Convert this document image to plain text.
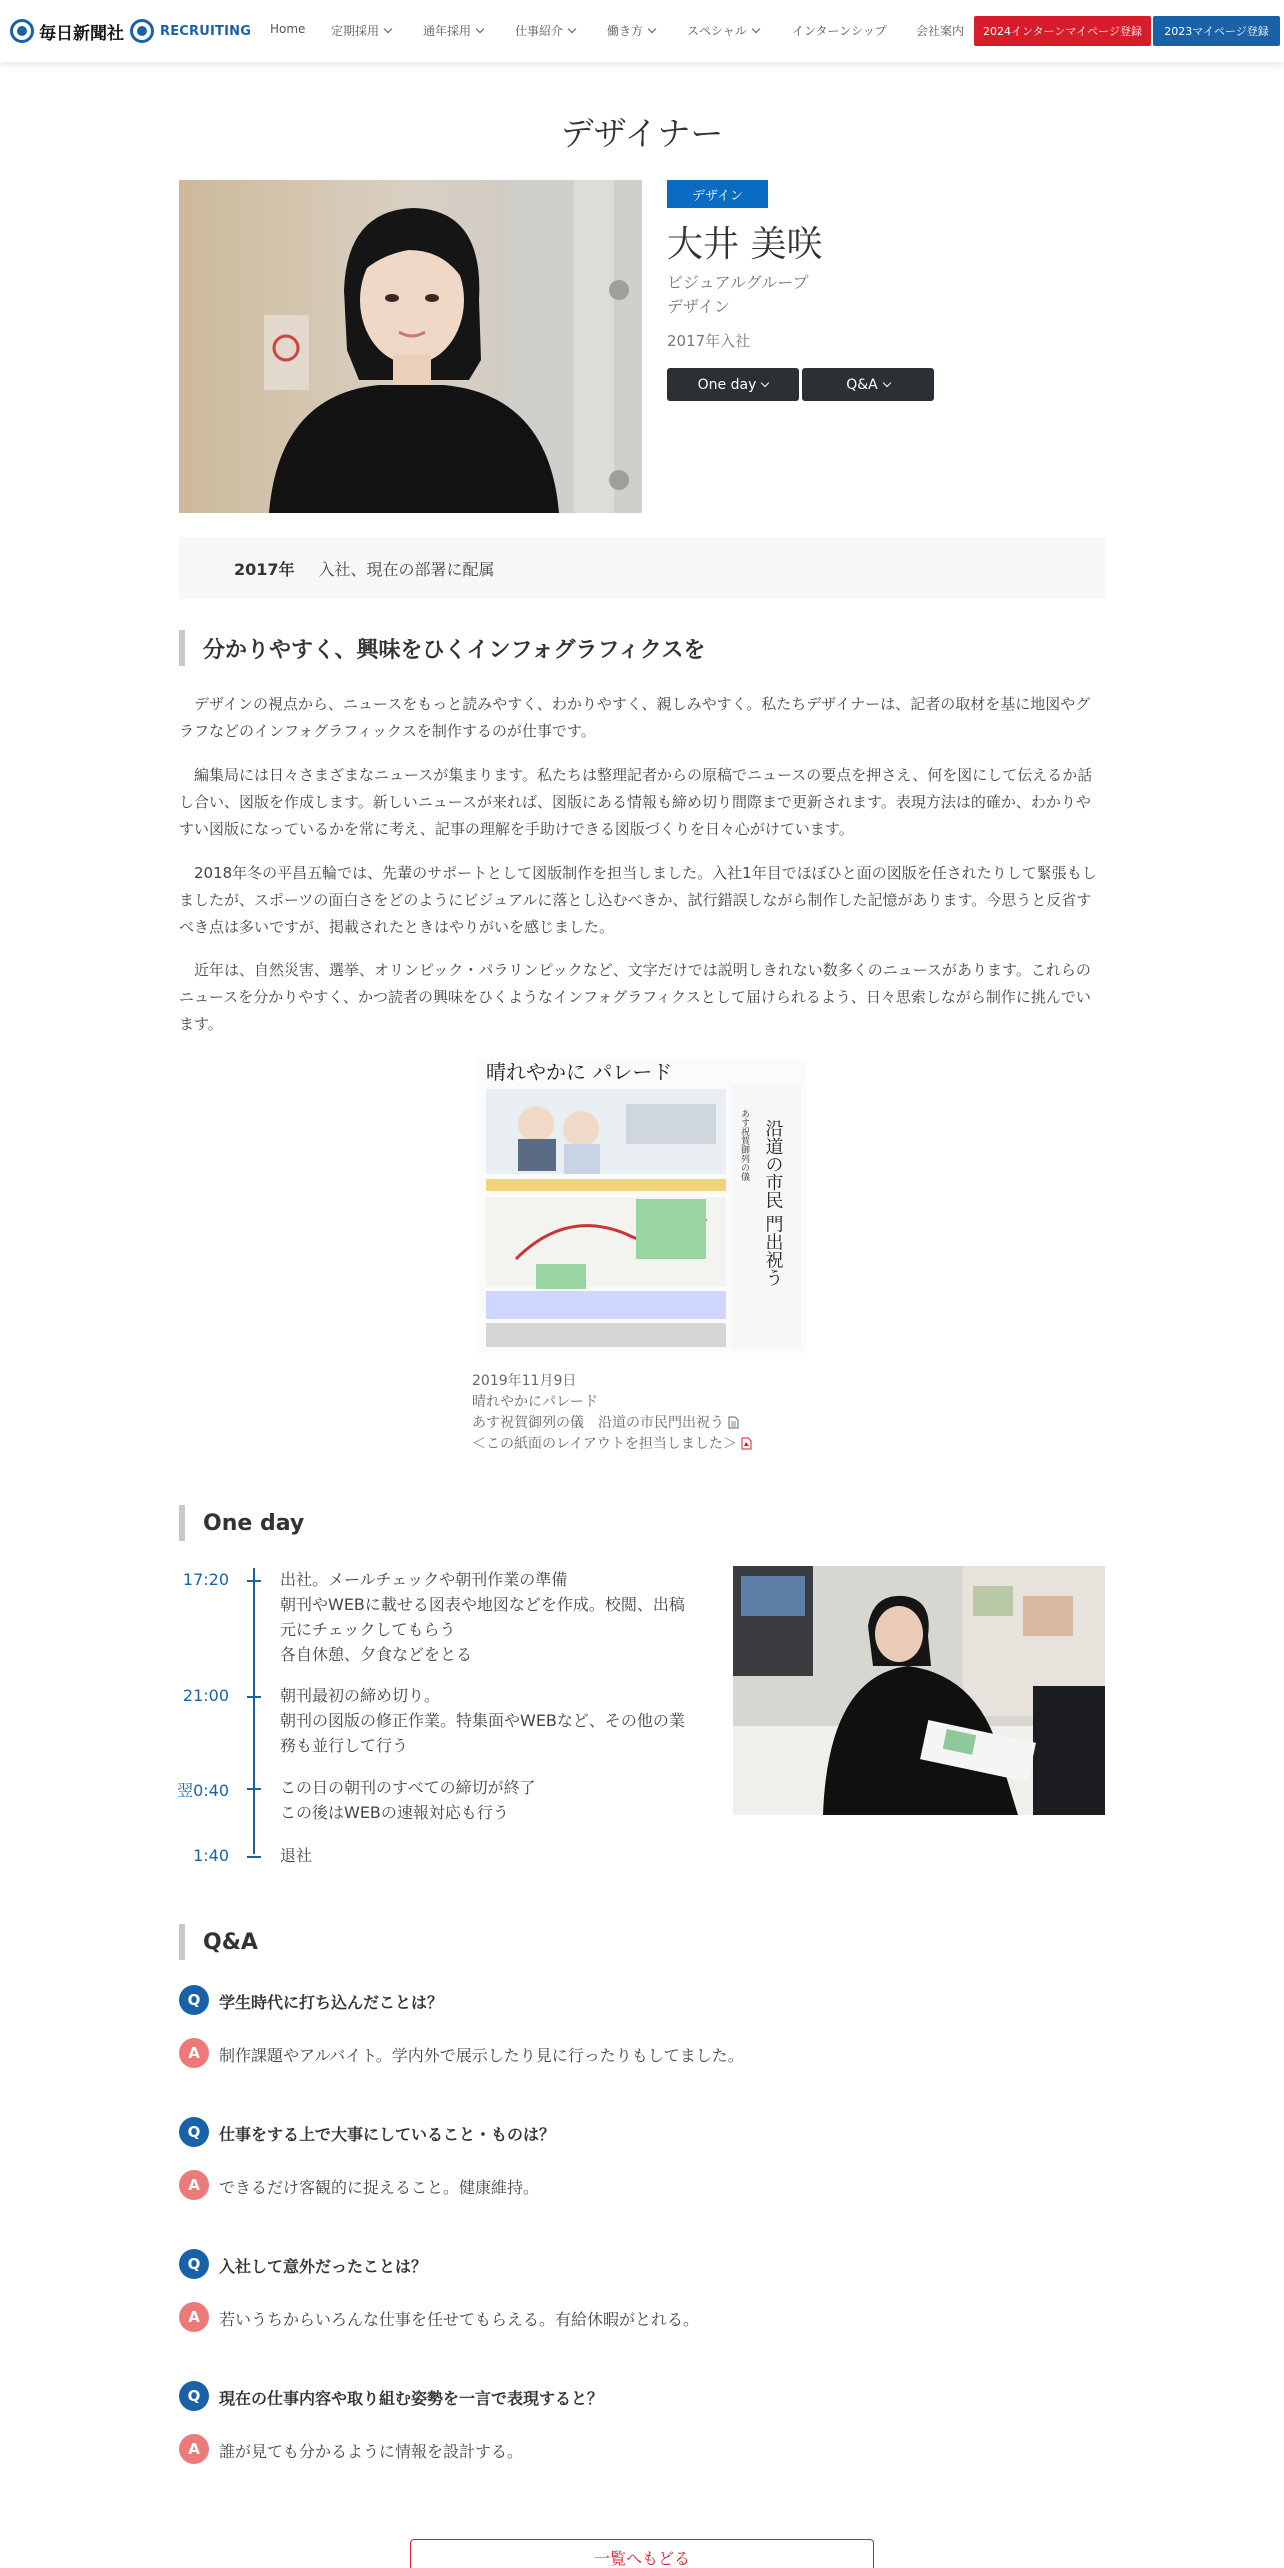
毎日新聞社	RECRUITING Home 定期採用	通年採用	仕事紹介	働き方	スペシャル	インターンシップ 会社案内	2024インターンマイページ登録	2023マイページ登録
デザイナー
デザイン
大井 美咲
ビジュアルグループ
デザイン
2017年入社
One day	Q&A
2017年 入社、現在の部署に配属
分かりやすく、興味をひくインフォグラフィクスを

デザインの視点から、ニュースをもっと読みやすく、わかりやすく、親しみやすく。私たちデザイナーは、記者の取材を基に地図やグラフなどのインフォグラフィックスを制作するのが仕事です。

編集局には日々さまざまなニュースが集まります。私たちは整理記者からの原稿でニュースの要点を押さえ、何を図にして伝えるか話し合い、図版を作成します。新しいニュースが来れば、図版にある情報も締め切り間際まで更新されます。表現方法は的確か、わかりやすい図版になっているかを常に考え、記事の理解を手助けできる図版づくりを日々心がけています。

2018年冬の平昌五輪では、先輩のサポートとして図版制作を担当しました。入社1年目でほぼひと面の図版を任されたりして緊張もしましたが、スポーツの面白さをどのようにビジュアルに落とし込むべきか、試行錯誤しながら制作した記憶があります。今思うと反省すべき点は多いですが、掲載されたときはやりがいを感じました。

近年は、自然災害、選挙、オリンピック・パラリンピックなど、文字だけでは説明しきれない数多くのニュースがあります。これらのニュースを分かりやすく、かつ読者の興味をひくようなインフォグラフィクスとして届けられるよう、日々思索しながら制作に挑んでいます。

晴れやかに パレード
沿道の市民 門出祝う
あす祝賀御列の儀
2019年11月9日
晴れやかにパレード
あす祝賀御列の儀　沿道の市民門出祝う
＜この紙面のレイアウトを担当しました＞
One day
17:20	出社。メールチェックや朝刊作業の準備
朝刊やWEBに載せる図表や地図などを作成。校閲、出稿
元にチェックしてもらう
各自休憩、夕食などをとる
21:00	朝刊最初の締め切り。
朝刊の図版の修正作業。特集面やWEBなど、その他の業
務も並行して行う
翌0:40	この日の朝刊のすべての締切が終了
この後はWEBの速報対応も行う
1:40	退社
Q&A
Q	学生時代に打ち込んだことは？
A	制作課題やアルバイト。学内外で展示したり見に行ったりもしてました。
Q	仕事をする上で大事にしていること・ものは？
A	できるだけ客観的に捉えること。健康維持。
Q	入社して意外だったことは？
A	若いうちからいろんな仕事を任せてもらえる。有給休暇がとれる。
Q	現在の仕事内容や取り組む姿勢を一言で表現すると？
A	誰が見ても分かるように情報を設計する。
一覧へもどる
